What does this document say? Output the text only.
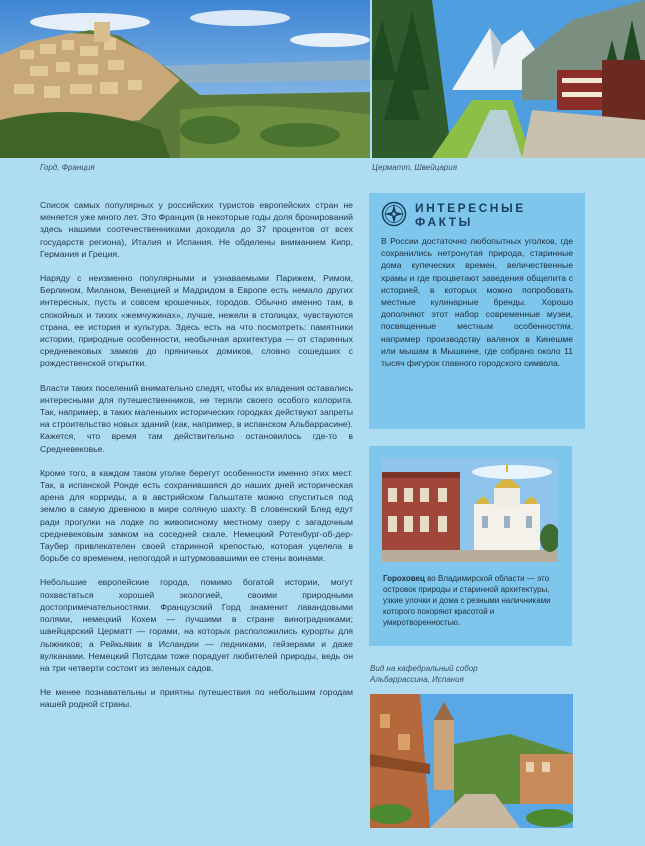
Горд, Франция	Церматт, Швейцария

Список самых популярных у российских туристов европейских стран не меняется уже много лет. Это Франция (в некоторые годы доля бронирований здесь нашими соотечественниками доходила до 37 процентов от всех государств региона), Италия и Испания. Не обделены вниманием Кипр, Германия и Греция.

Наряду с неизменно популярными и узнаваемыми Парижем, Римом, Берлином, Миланом, Венецией и Мадридом в Европе есть немало других интересных, пусть и совсем крошечных, городов. Обычно именно там, в спокойных и тихих «жемчужинах», лучше, нежели в столицах, чувствуются страна, ее история и культура. Здесь есть на что посмотреть: памятники истории, природные особенности, необычная архитектура — от старинных средневековых замков до пряничных домиков, словно сошедших с рождественской открытки.

Власти таких поселений внимательно следят, чтобы их владения оставались интересными для путешественников, не теряли своего особого колорита. Так, например, в таких маленьких исторических городках действуют запреты на строительство новых зданий (как, например, в испанском Альбаррасине). Кажется, что время там действительно остановилось где-то в Средневековье.

Кроме того, в каждом таком уголке берегут особенности именно этих мест. Так, в испанской Ронде есть сохранившаяся до наших дней историческая арена для корриды, а в австрийском Гальштате можно спуститься под землю в самую древнюю в мире соляную шахту. В словенский Блед едут ради прогулки на лодке по живописному местному озеру с загадочным средневековым замком на соседней скале. Немецкий Ротенбург-об-дер-Таубер привлекателен своей старинной крепостью, которая уцелела в борьбе со временем, непогодой и штурмовавшими ее стены воинами.

Небольшие европейские города, помимо богатой истории, могут похвастаться хорошей экологией, своими природными достопримечательностями. Французский Горд знаменит лавандовыми полями, немецкий Кохем — лучшими в стране виноградниками; швейцарский Церматт — горами, на которых расположились курорты для лыжников; а Рейкьявик в Исландии — ледниками, гейзерами и даже вулканами. Немецкий Потсдам тоже порадует любителей природы, ведь он на три четверти состоит из зеленых садов.

Не менее познавательны и приятны путешествия по небольшим городам нашей родной страны.

ИНТЕРЕСНЫЕ ФАКТЫ
В России достаточно любопытных уголков, где сохранились нетронутая природа, старинные дома купеческих времен, величественные храмы и где процветают заведения общепита с историей, в которых можно попробовать местные кулинарные бренды. Хорошо дополняют этот набор современные музеи, посвященные местным особенностям, например производству валенок в Кинешме или мышам в Мышкине, где собрано около 11 тысяч фигурок главного городского символа.
Гороховец во Владимирской области — это островок природы и старинной архитектуры, узкие улочки и дома с резными наличниками которого покоряют красотой и умиротворенностью.
Вид на кафедральный собор Альбаррассина, Испания
